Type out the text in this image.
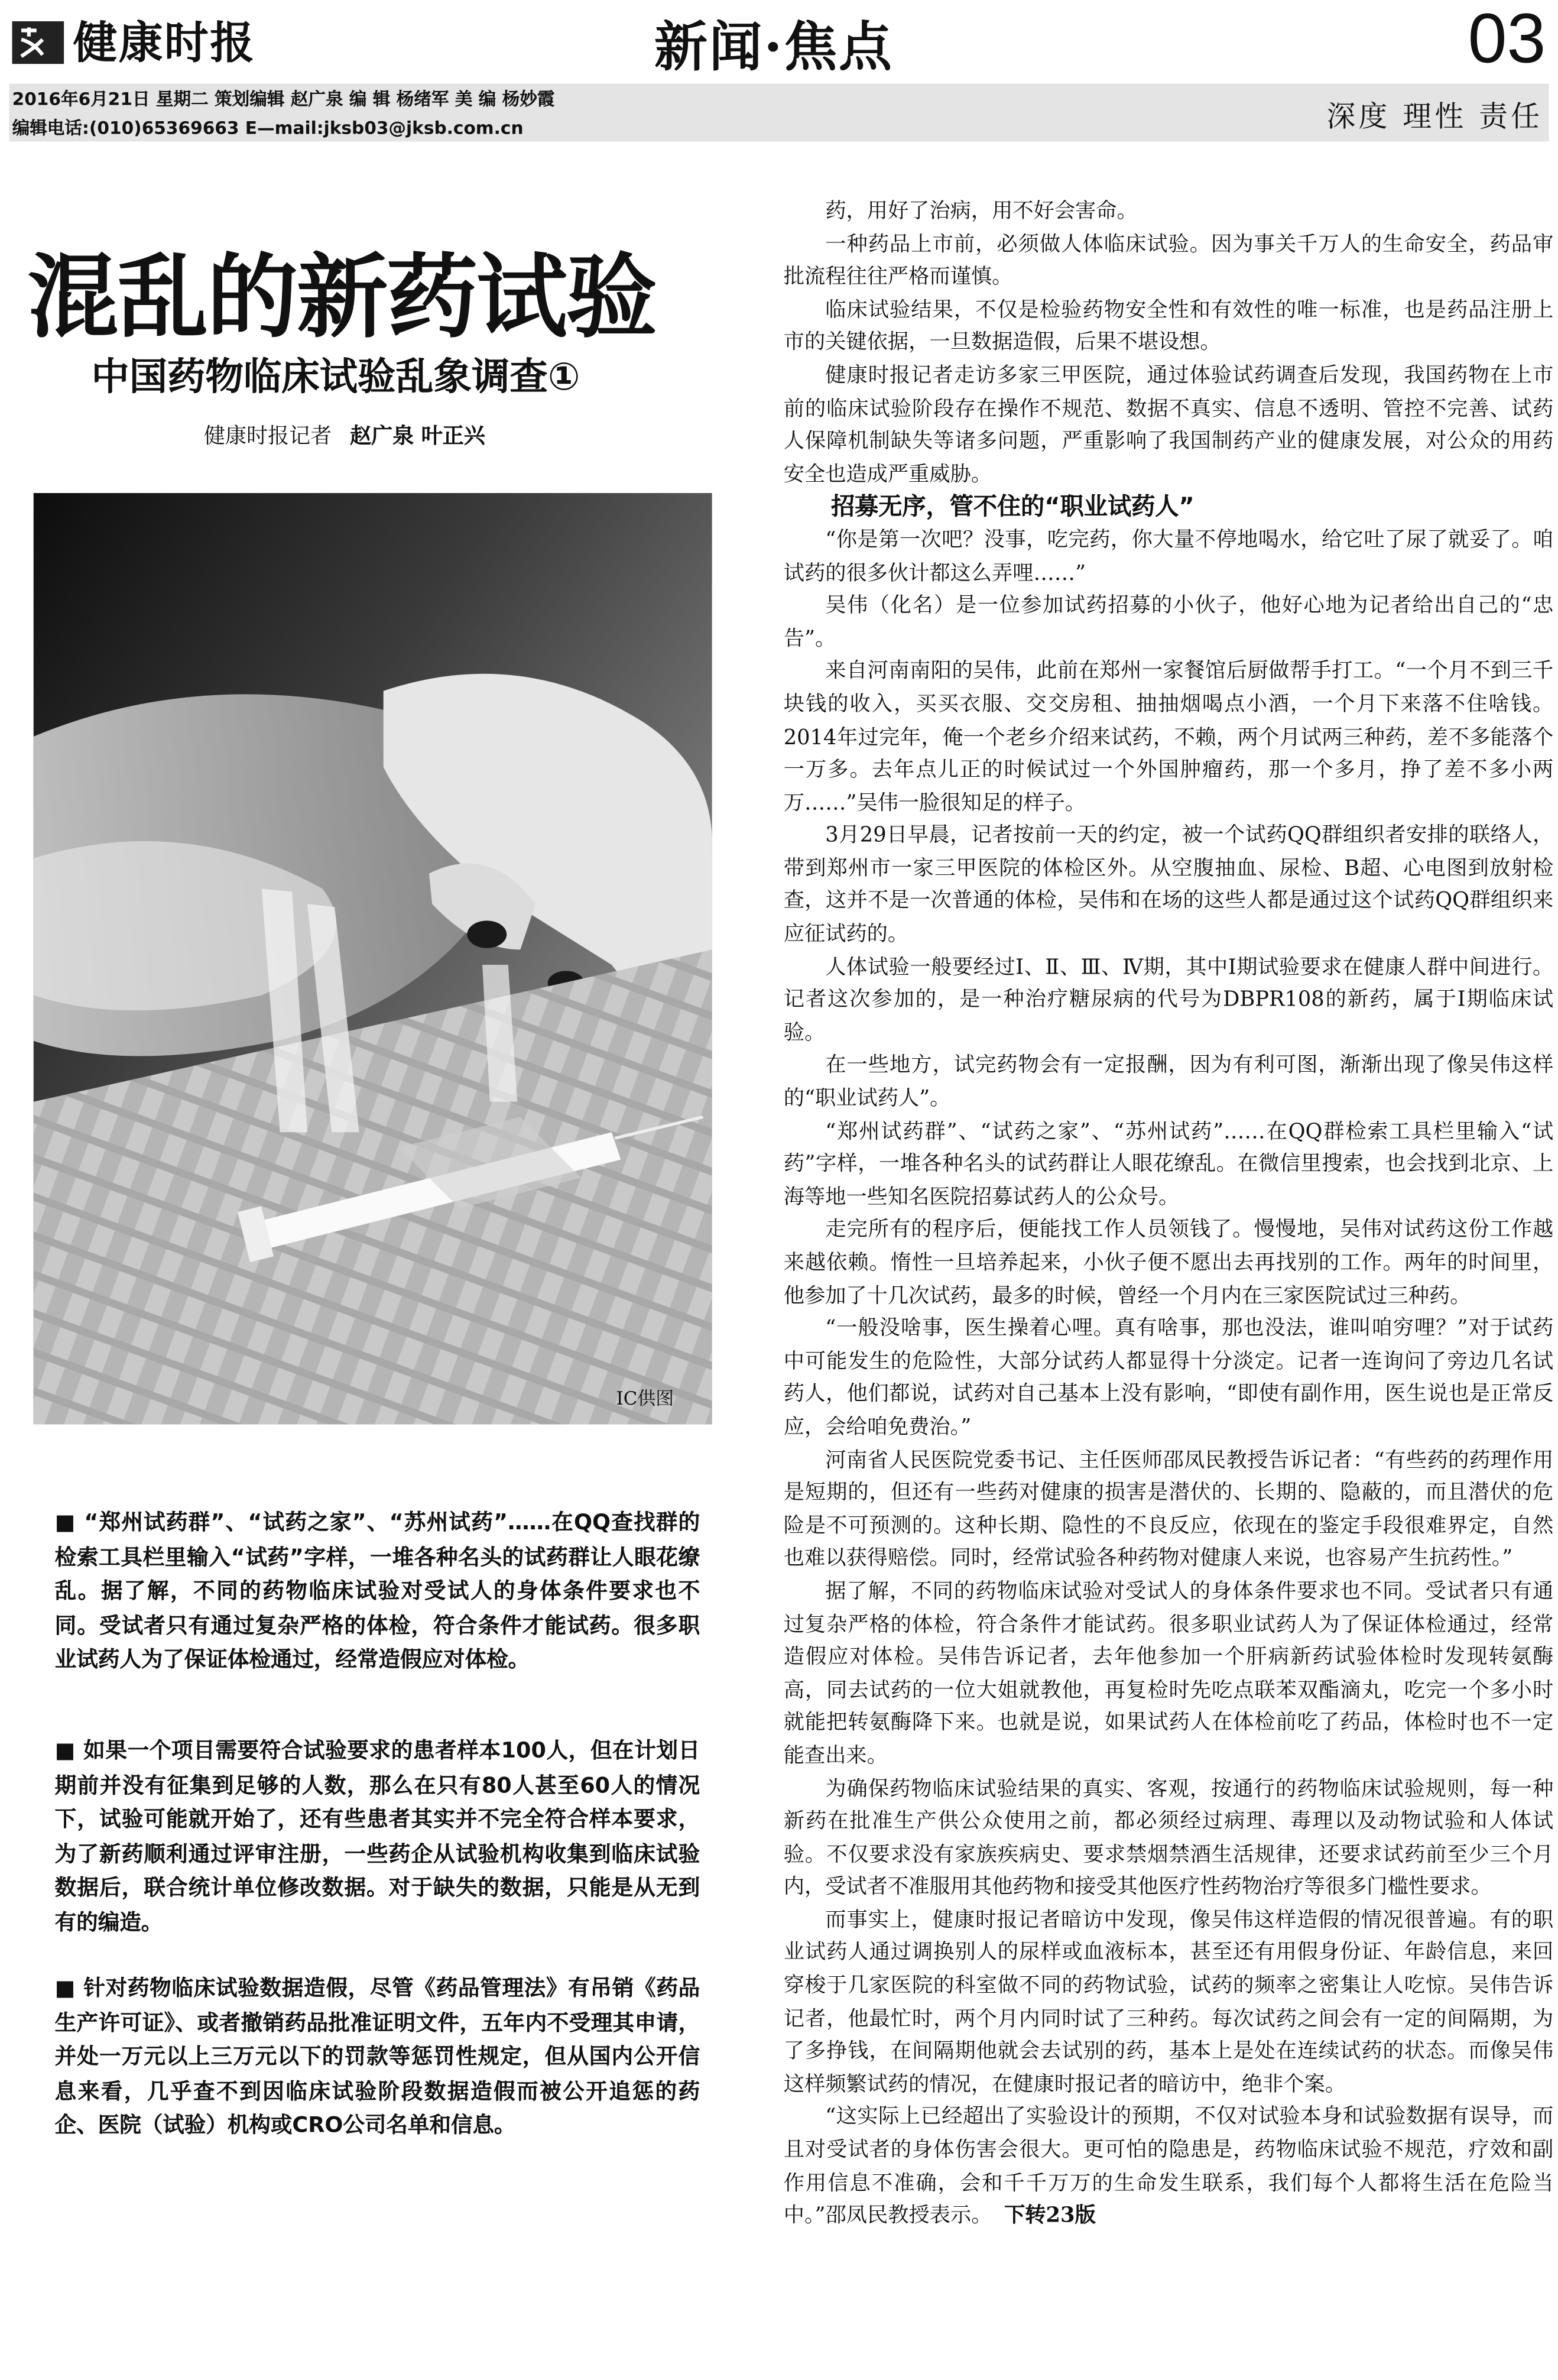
健康时报	新闻·焦点	03
2016年6月21日 星期二 策划编辑 赵广泉 编 辑 杨绪军 美 编 杨妙霞
编辑电话:(010)65369663 E—mail:jksb03@jksb.com.cn	深度 理性 责任
混乱的新药试验
中国药物临床试验乱象调查①
健康时报记者 赵广泉 叶正兴
IC供图
■ “郑州试药群”、“试药之家”、“苏州试药”……在QQ查找群的检索工具栏里输入“试药”字样，一堆各种名头的试药群让人眼花缭乱。据了解，不同的药物临床试验对受试人的身体条件要求也不同。受试者只有通过复杂严格的体检，符合条件才能试药。很多职业试药人为了保证体检通过，经常造假应对体检。
■ 如果一个项目需要符合试验要求的患者样本100人，但在计划日期前并没有征集到足够的人数，那么在只有80人甚至60人的情况下，试验可能就开始了，还有些患者其实并不完全符合样本要求，为了新药顺利通过评审注册，一些药企从试验机构收集到临床试验数据后，联合统计单位修改数据。对于缺失的数据，只能是从无到有的编造。
■ 针对药物临床试验数据造假，尽管《药品管理法》有吊销《药品生产许可证》、或者撤销药品批准证明文件，五年内不受理其申请，并处一万元以上三万元以下的罚款等惩罚性规定，但从国内公开信息来看，几乎查不到因临床试验阶段数据造假而被公开追惩的药企、医院（试验）机构或CRO公司名单和信息。

药，用好了治病，用不好会害命。

一种药品上市前，必须做人体临床试验。因为事关千万人的生命安全，药品审批流程往往严格而谨慎。

临床试验结果，不仅是检验药物安全性和有效性的唯一标准，也是药品注册上市的关键依据，一旦数据造假，后果不堪设想。

健康时报记者走访多家三甲医院，通过体验试药调查后发现，我国药物在上市前的临床试验阶段存在操作不规范、数据不真实、信息不透明、管控不完善、试药人保障机制缺失等诸多问题，严重影响了我国制药产业的健康发展，对公众的用药安全也造成严重威胁。

招募无序，管不住的“职业试药人”

“你是第一次吧？没事，吃完药，你大量不停地喝水，给它吐了尿了就妥了。咱试药的很多伙计都这么弄哩……”

吴伟（化名）是一位参加试药招募的小伙子，他好心地为记者给出自己的“忠告”。

来自河南南阳的吴伟，此前在郑州一家餐馆后厨做帮手打工。“一个月不到三千块钱的收入，买买衣服、交交房租、抽抽烟喝点小酒，一个月下来落不住啥钱。2014年过完年，俺一个老乡介绍来试药，不赖，两个月试两三种药，差不多能落个一万多。去年点儿正的时候试过一个外国肿瘤药，那一个多月，挣了差不多小两万……”吴伟一脸很知足的样子。

3月29日早晨，记者按前一天的约定，被一个试药QQ群组织者安排的联络人，带到郑州市一家三甲医院的体检区外。从空腹抽血、尿检、B超、心电图到放射检查，这并不是一次普通的体检，吴伟和在场的这些人都是通过这个试药QQ群组织来应征试药的。

人体试验一般要经过Ⅰ、Ⅱ、Ⅲ、Ⅳ期，其中Ⅰ期试验要求在健康人群中间进行。记者这次参加的，是一种治疗糖尿病的代号为DBPR108的新药，属于Ⅰ期临床试验。

在一些地方，试完药物会有一定报酬，因为有利可图，渐渐出现了像吴伟这样的“职业试药人”。

“郑州试药群”、“试药之家”、“苏州试药”……在QQ群检索工具栏里输入“试药”字样，一堆各种名头的试药群让人眼花缭乱。在微信里搜索，也会找到北京、上海等地一些知名医院招募试药人的公众号。

走完所有的程序后，便能找工作人员领钱了。慢慢地，吴伟对试药这份工作越来越依赖。惰性一旦培养起来，小伙子便不愿出去再找别的工作。两年的时间里，他参加了十几次试药，最多的时候，曾经一个月内在三家医院试过三种药。

“一般没啥事，医生操着心哩。真有啥事，那也没法，谁叫咱穷哩？”对于试药中可能发生的危险性，大部分试药人都显得十分淡定。记者一连询问了旁边几名试药人，他们都说，试药对自己基本上没有影响，“即使有副作用，医生说也是正常反应，会给咱免费治。”

河南省人民医院党委书记、主任医师邵凤民教授告诉记者：“有些药的药理作用是短期的，但还有一些药对健康的损害是潜伏的、长期的、隐蔽的，而且潜伏的危险是不可预测的。这种长期、隐性的不良反应，依现在的鉴定手段很难界定，自然也难以获得赔偿。同时，经常试验各种药物对健康人来说，也容易产生抗药性。”

据了解，不同的药物临床试验对受试人的身体条件要求也不同。受试者只有通过复杂严格的体检，符合条件才能试药。很多职业试药人为了保证体检通过，经常造假应对体检。吴伟告诉记者，去年他参加一个肝病新药试验体检时发现转氨酶高，同去试药的一位大姐就教他，再复检时先吃点联苯双酯滴丸，吃完一个多小时就能把转氨酶降下来。也就是说，如果试药人在体检前吃了药品，体检时也不一定能查出来。

为确保药物临床试验结果的真实、客观，按通行的药物临床试验规则，每一种新药在批准生产供公众使用之前，都必须经过病理、毒理以及动物试验和人体试验。不仅要求没有家族疾病史、要求禁烟禁酒生活规律，还要求试药前至少三个月内，受试者不准服用其他药物和接受其他医疗性药物治疗等很多门槛性要求。

而事实上，健康时报记者暗访中发现，像吴伟这样造假的情况很普遍。有的职业试药人通过调换别人的尿样或血液标本，甚至还有用假身份证、年龄信息，来回穿梭于几家医院的科室做不同的药物试验，试药的频率之密集让人吃惊。吴伟告诉记者，他最忙时，两个月内同时试了三种药。每次试药之间会有一定的间隔期，为了多挣钱，在间隔期他就会去试别的药，基本上是处在连续试药的状态。而像吴伟这样频繁试药的情况，在健康时报记者的暗访中，绝非个案。

“这实际上已经超出了实验设计的预期，不仅对试验本身和试验数据有误导，而且对受试者的身体伤害会很大。更可怕的隐患是，药物临床试验不规范，疗效和副作用信息不准确，会和千千万万的生命发生联系，我们每个人都将生活在危险当中。”邵凤民教授表示。 下转23版
